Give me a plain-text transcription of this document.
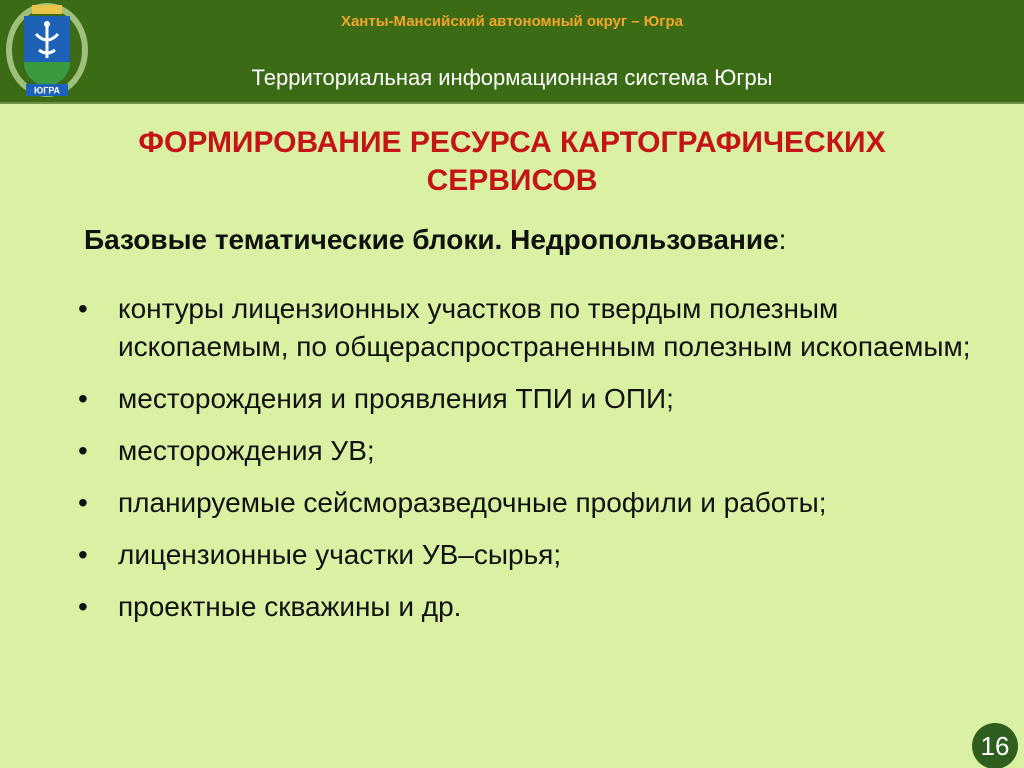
ЮГРА
Ханты-Мансийский автономный округ – Югра
Территориальная информационная система Югры
ФОРМИРОВАНИЕ РЕСУРСА КАРТОГРАФИЧЕСКИХ СЕРВИСОВ
Базовые тематические блоки. Недропользование:
• контуры лицензионных участков по твердым полезным ископаемым, по общераспространенным полезным ископаемым;
• месторождения и проявления ТПИ и ОПИ;
• месторождения УВ;
• планируемые сейсморазведочные профили и работы;
• лицензионные участки УВ–сырья;
• проектные скважины и др.
16
